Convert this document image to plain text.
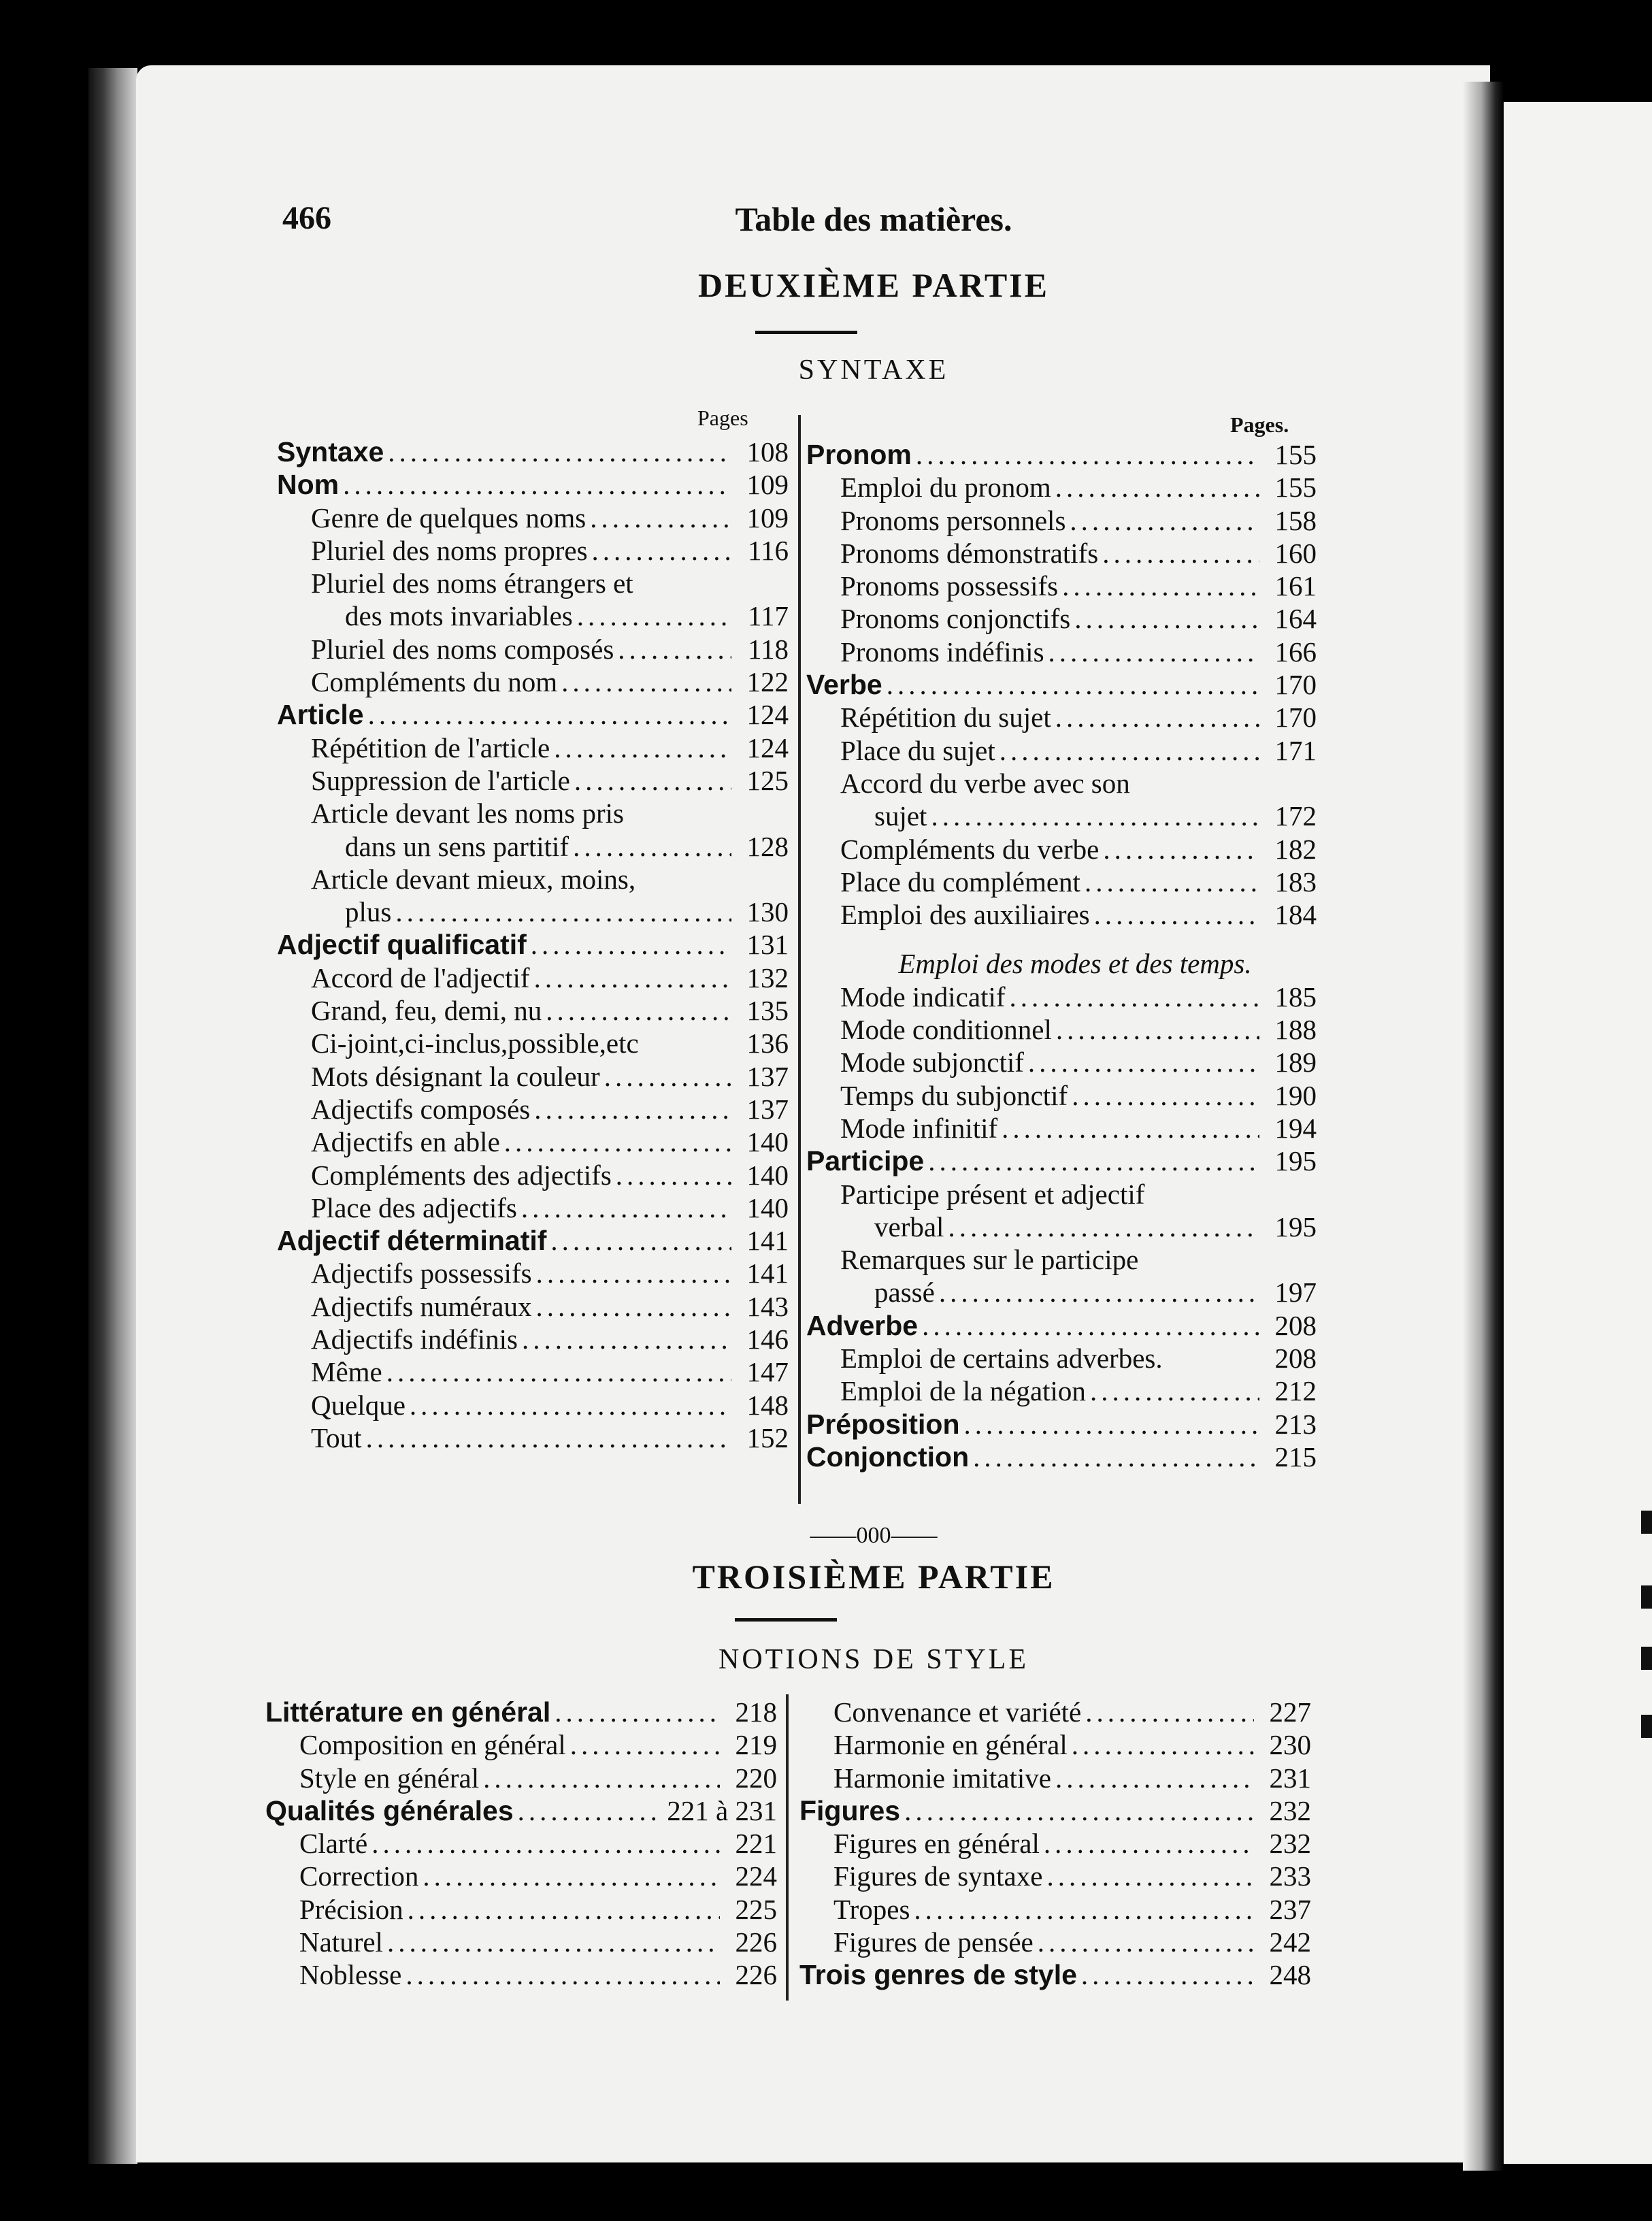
466	Table des matières.
DEUXIÈME PARTIE
SYNTAXE
Pages	Pages.
Syntaxe .....	108
Nom .....	109
Genre de quelques noms .....	109
Pluriel des noms propres .....	116
Pluriel des noms étrangers et
des mots invariables .....	117
Pluriel des noms composés .....	118
Compléments du nom .....	122
Article .....	124
Répétition de l'article .....	124
Suppression de l'article .....	125
Article devant les noms pris
dans un sens partitif .....	128
Article devant mieux, moins,
plus .....	130
Adjectif qualificatif .....	131
Accord de l'adjectif .....	132
Grand, feu, demi, nu .....	135
Ci-joint,ci-inclus,possible,etc	136
Mots désignant la couleur .....	137
Adjectifs composés .....	137
Adjectifs en able .....	140
Compléments des adjectifs .....	140
Place des adjectifs .....	140
Adjectif déterminatif .....	141
Adjectifs possessifs .....	141
Adjectifs numéraux .....	143
Adjectifs indéfinis .....	146
Même .....	147
Quelque .....	148
Tout .....	152
Pronom .....	155
Emploi du pronom .....	155
Pronoms personnels .....	158
Pronoms démonstratifs .....	160
Pronoms possessifs .....	161
Pronoms conjonctifs .....	164
Pronoms indéfinis .....	166
Verbe .....	170
Répétition du sujet .....	170
Place du sujet .....	171
Accord du verbe avec son
sujet .....	172
Compléments du verbe .....	182
Place du complément .....	183
Emploi des auxiliaires .....	184
Emploi des modes et des temps.
Mode indicatif .....	185
Mode conditionnel .....	188
Mode subjonctif .....	189
Temps du subjonctif .....	190
Mode infinitif .....	194
Participe .....	195
Participe présent et adjectif
verbal .....	195
Remarques sur le participe
passé .....	197
Adverbe .....	208
Emploi de certains adverbes.	208
Emploi de la négation .....	212
Préposition .....	213
Conjonction .....	215
——000——
TROISIÈME PARTIE
NOTIONS DE STYLE
Littérature en général .....	218
Composition en général .....	219
Style en général .....	220
Qualités générales .....	221 à 231
Clarté .....	221
Correction .....	224
Précision .....	225
Naturel .....	226
Noblesse .....	226
Convenance et variété .....	227
Harmonie en général .....	230
Harmonie imitative .....	231
Figures .....	232
Figures en général .....	232
Figures de syntaxe .....	233
Tropes .....	237
Figures de pensée .....	242
Trois genres de style .....	248
